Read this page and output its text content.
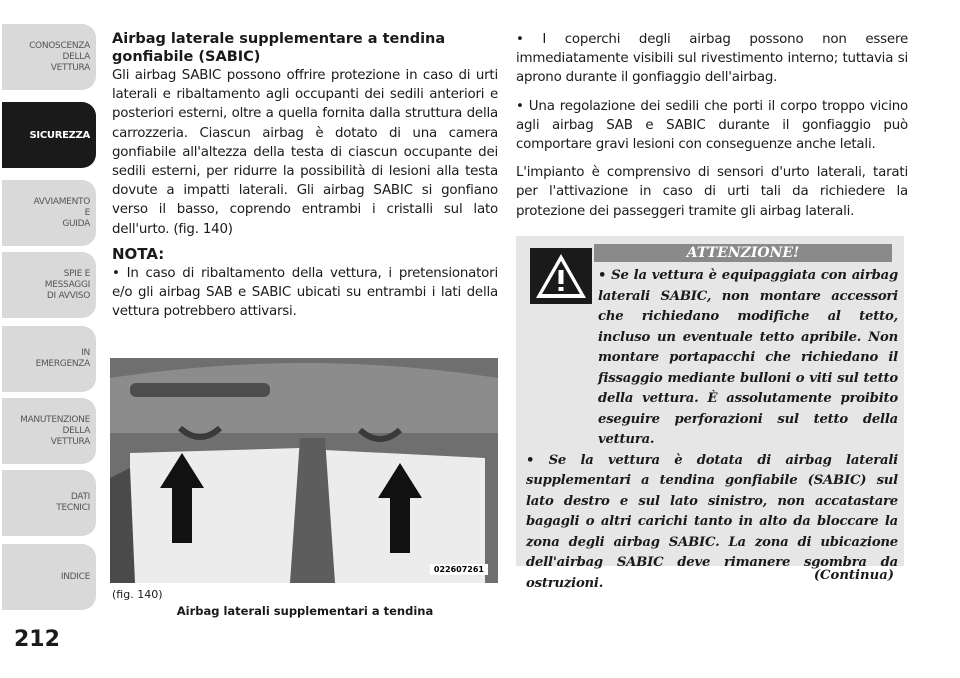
CONOSCENZA
DELLA
VETTURA
SICUREZZA
AVVIAMENTO
E
GUIDA
SPIE E
MESSAGGI
DI AVVISO
IN
EMERGENZA
MANUTENZIONE
DELLA
VETTURA
DATI
TECNICI
INDICE
212
Airbag laterale supplementare a tendina gonfiabile (SABIC)
Gli airbag SABIC possono offrire protezione in caso di urti laterali e ribaltamento agli occupanti dei sedili anteriori e posteriori esterni, oltre a quella fornita dalla struttura della carrozzeria. Ciascun airbag è dotato di una camera gonfiabile all'altezza della testa di ciascun occupante dei sedili esterni, per ridurre la possibilità di lesioni alla testa dovute a impatti laterali. Gli airbag SABIC si gonfiano verso il basso, coprendo entrambi i cristalli sul lato dell'urto. (fig. 140)
NOTA:
• In caso di ribaltamento della vettura, i pretensionatori e/o gli airbag SAB e SABIC ubicati su entrambi i lati della vettura potrebbero attivarsi.
022607261
(fig. 140)
Airbag laterali supplementari a tendina

• I coperchi degli airbag possono non essere immediatamente visibili sul rivestimento interno; tuttavia si aprono durante il gonfiaggio dell'airbag.

• Una regolazione dei sedili che porti il corpo troppo vicino agli airbag SAB e SABIC durante il gonfiaggio può comportare gravi lesioni con conseguenze anche letali.

L'impianto è comprensivo di sensori d'urto laterali, tarati per l'attivazione in caso di urti tali da richiedere la protezione dei passeggeri tramite gli airbag laterali.

ATTENZIONE!
• Se la vettura è equipaggiata con airbag laterali SABIC, non montare accessori che richiedano modifiche al tetto, incluso un eventuale tetto apribile. Non montare portapacchi che richiedano il fissaggio mediante bulloni o viti sul tetto della vettura. È assolutamente proibito eseguire perforazioni sul tetto della vettura.
• Se la vettura è dotata di airbag laterali supplementari a tendina gonfiabile (SABIC) sul lato destro e sul lato sinistro, non accatastare bagagli o altri carichi tanto in alto da bloccare la zona degli airbag SABIC. La zona di ubicazione dell'airbag SABIC deve rimanere sgombra da ostruzioni.	(Continua)
